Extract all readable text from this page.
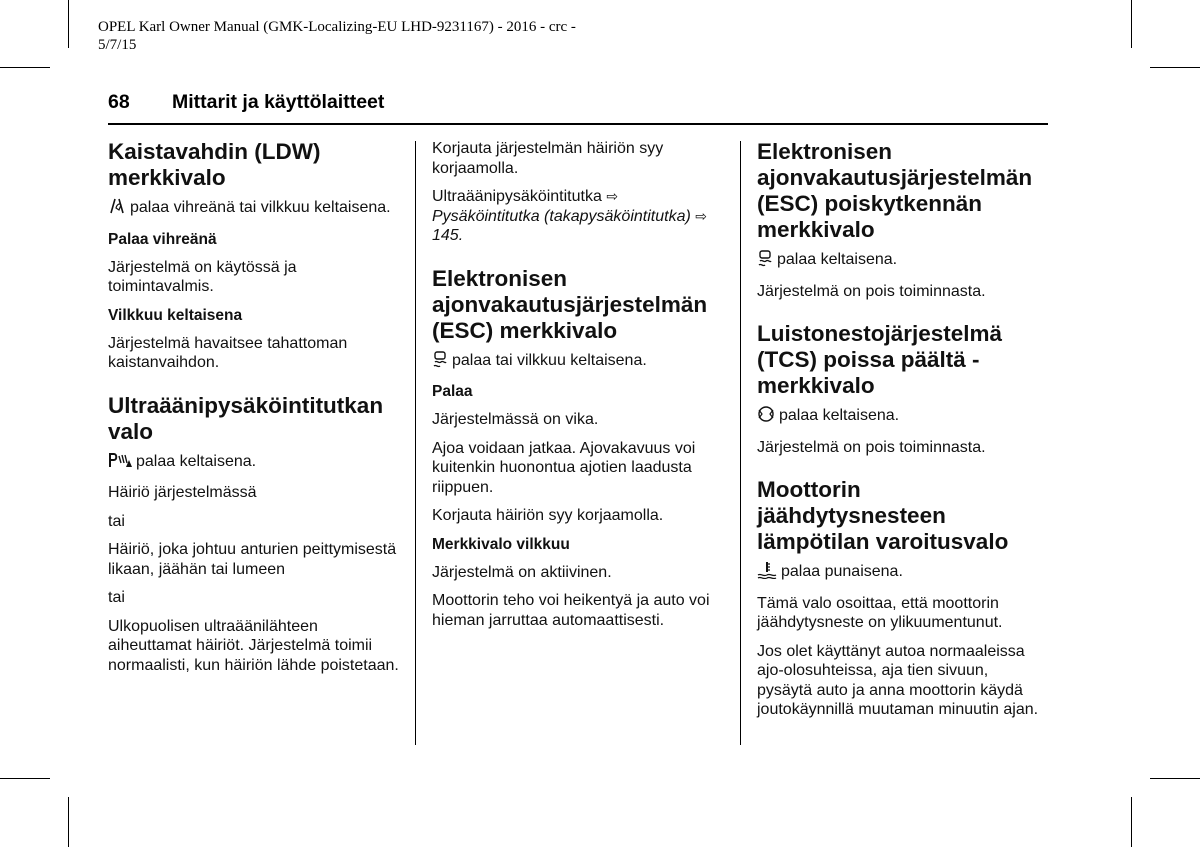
OPEL Karl Owner Manual (GMK-Localizing-EU LHD-9231167) - 2016 - crc -
5/7/15
68 Mittarit ja käyttölaitteet
Kaistavahdin (LDW) merkkivalo

palaa vihreänä tai vilkkuu keltaisena.

Palaa vihreänä

Järjestelmä on käytössä ja toimintavalmis.

Vilkkuu keltaisena

Järjestelmä havaitsee tahattoman kaistanvaihdon.

Ultraäänipysäköintitutkan valo

palaa keltaisena.

Häiriö järjestelmässä

tai

Häiriö, joka johtuu anturien peittymisestä likaan, jäähän tai lumeen

tai

Ulkopuolisen ultraäänilähteen aiheuttamat häiriöt. Järjestelmä toimii normaalisti, kun häiriön lähde poistetaan.

Korjauta järjestelmän häiriön syy korjaamolla.

Ultraäänipysäköintitutka ⇨
Pysäköintitutka (takapysäköintitutka) ⇨ 145.

Elektronisen ajonvakautusjärjestelmän (ESC) merkkivalo

palaa tai vilkkuu keltaisena.

Palaa

Järjestelmässä on vika.

Ajoa voidaan jatkaa. Ajovakavuus voi kuitenkin huonontua ajotien laadusta riippuen.

Korjauta häiriön syy korjaamolla.

Merkkivalo vilkkuu

Järjestelmä on aktiivinen.

Moottorin teho voi heikentyä ja auto voi hieman jarruttaa automaattisesti.

Elektronisen ajonvakautusjärjestelmän (ESC) poiskytkennän merkkivalo

palaa keltaisena.

Järjestelmä on pois toiminnasta.

Luistonestojärjestelmä (TCS) poissa päältä -merkkivalo

palaa keltaisena.

Järjestelmä on pois toiminnasta.

Moottorin jäähdytysnesteen lämpötilan varoitusvalo

palaa punaisena.

Tämä valo osoittaa, että moottorin jäähdytysneste on ylikuumentunut.

Jos olet käyttänyt autoa normaaleissa ajo-olosuhteissa, aja tien sivuun, pysäytä auto ja anna moottorin käydä joutokäynnillä muutaman minuutin ajan.
